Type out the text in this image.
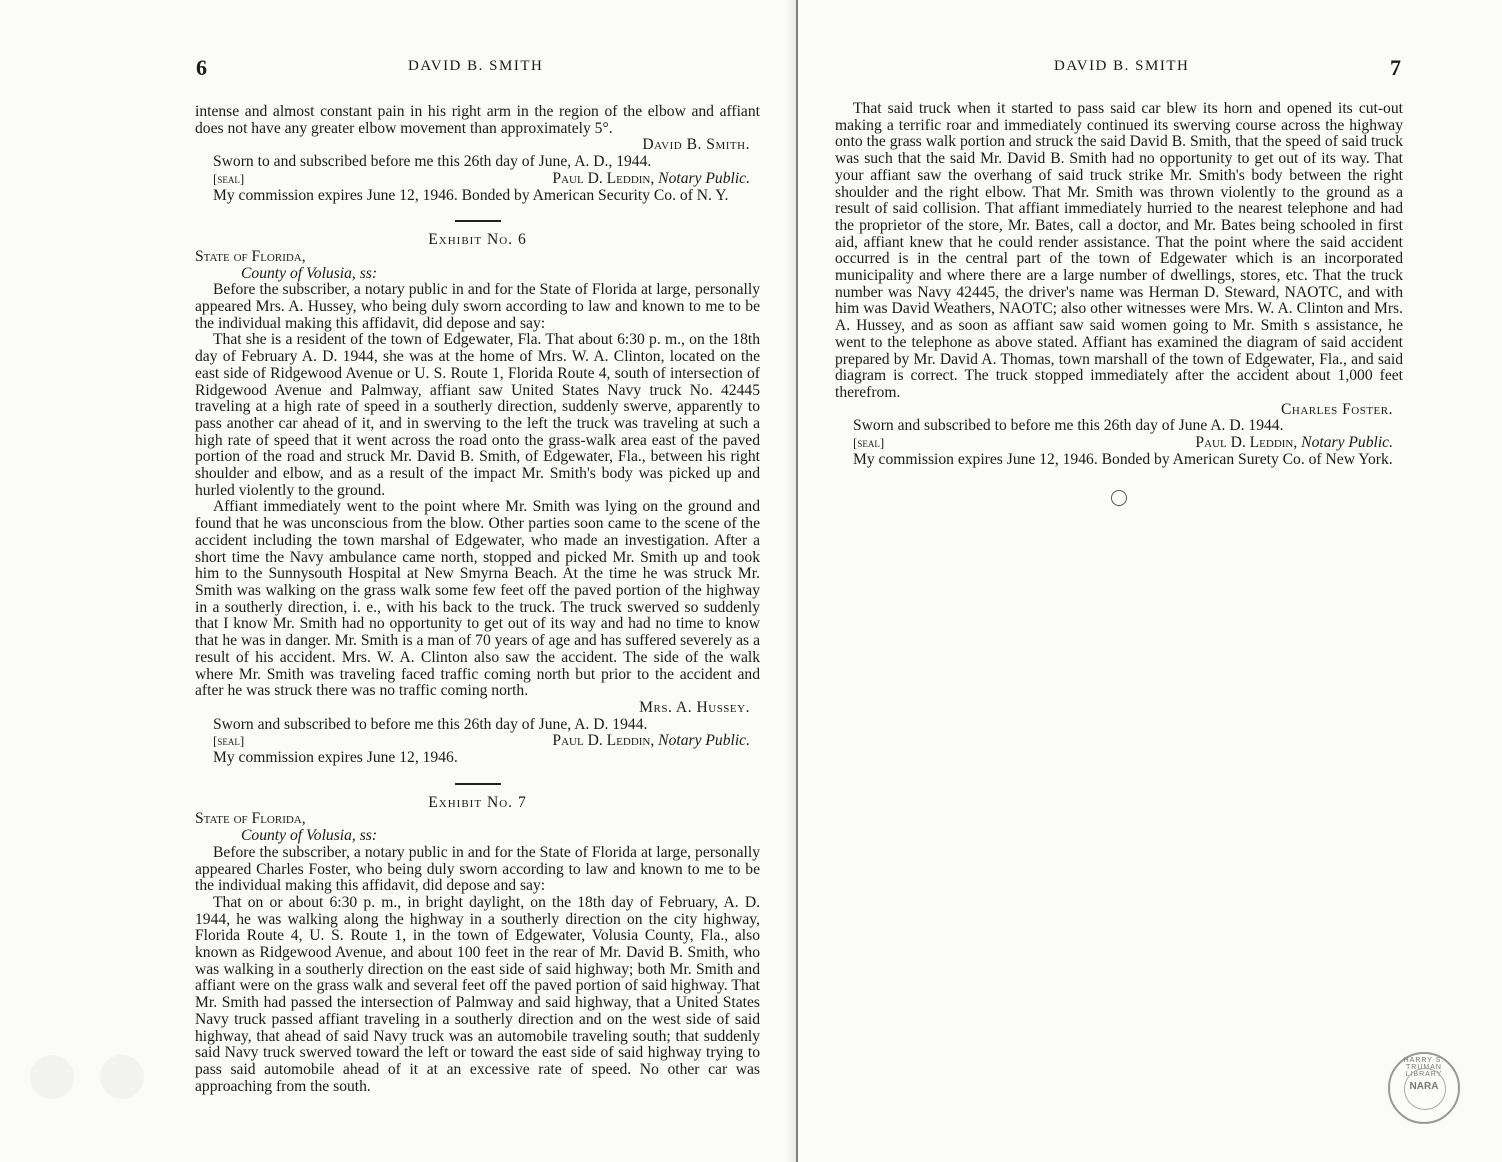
6	DAVID B. SMITH

intense and almost constant pain in his right arm in the region of the elbow and affiant does not have any greater elbow movement than approximately 5°.

David B. Smith.

Sworn to and subscribed before me this 26th day of June, A. D., 1944.

[seal]	Paul D. Leddin, Notary Public.

My commission expires June 12, 1946. Bonded by American Security Co. of N. Y.

Exhibit No. 6

State of Florida,

County of Volusia, ss:

Before the subscriber, a notary public in and for the State of Florida at large, personally appeared Mrs. A. Hussey, who being duly sworn according to law and known to me to be the individual making this affidavit, did depose and say:

That she is a resident of the town of Edgewater, Fla. That about 6:30 p. m., on the 18th day of February A. D. 1944, she was at the home of Mrs. W. A. Clinton, located on the east side of Ridgewood Avenue or U. S. Route 1, Florida Route 4, south of intersection of Ridgewood Avenue and Palmway, affiant saw United States Navy truck No. 42445 traveling at a high rate of speed in a southerly direction, suddenly swerve, apparently to pass another car ahead of it, and in swerving to the left the truck was traveling at such a high rate of speed that it went across the road onto the grass-walk area east of the paved portion of the road and struck Mr. David B. Smith, of Edgewater, Fla., between his right shoulder and elbow, and as a result of the impact Mr. Smith's body was picked up and hurled violently to the ground.

Affiant immediately went to the point where Mr. Smith was lying on the ground and found that he was unconscious from the blow. Other parties soon came to the scene of the accident including the town marshal of Edgewater, who made an investigation. After a short time the Navy ambulance came north, stopped and picked Mr. Smith up and took him to the Sunnysouth Hospital at New Smyrna Beach. At the time he was struck Mr. Smith was walking on the grass walk some few feet off the paved portion of the highway in a southerly direction, i. e., with his back to the truck. The truck swerved so suddenly that I know Mr. Smith had no opportunity to get out of its way and had no time to know that he was in danger. Mr. Smith is a man of 70 years of age and has suffered severely as a result of his accident. Mrs. W. A. Clinton also saw the accident. The side of the walk where Mr. Smith was traveling faced traffic coming north but prior to the accident and after he was struck there was no traffic coming north.

Mrs. A. Hussey.

Sworn and subscribed to before me this 26th day of June, A. D. 1944.

[seal]	Paul D. Leddin, Notary Public.

My commission expires June 12, 1946.

Exhibit No. 7

State of Florida,

County of Volusia, ss:

Before the subscriber, a notary public in and for the State of Florida at large, personally appeared Charles Foster, who being duly sworn according to law and known to me to be the individual making this affidavit, did depose and say:

That on or about 6:30 p. m., in bright daylight, on the 18th day of February, A. D. 1944, he was walking along the highway in a southerly direction on the city highway, Florida Route 4, U. S. Route 1, in the town of Edgewater, Volusia County, Fla., also known as Ridgewood Avenue, and about 100 feet in the rear of Mr. David B. Smith, who was walking in a southerly direction on the east side of said highway; both Mr. Smith and affiant were on the grass walk and several feet off the paved portion of said highway. That Mr. Smith had passed the intersection of Palmway and said highway, that a United States Navy truck passed affiant traveling in a southerly direction and on the west side of said highway, that ahead of said Navy truck was an automobile traveling south; that suddenly said Navy truck swerved toward the left or toward the east side of said highway trying to pass said automobile ahead of it at an excessive rate of speed. No other car was approaching from the south.

DAVID B. SMITH	7

That said truck when it started to pass said car blew its horn and opened its cut-out making a terrific roar and immediately continued its swerving course across the highway onto the grass walk portion and struck the said David B. Smith, that the speed of said truck was such that the said Mr. David B. Smith had no opportunity to get out of its way. That your affiant saw the overhang of said truck strike Mr. Smith's body between the right shoulder and the right elbow. That Mr. Smith was thrown violently to the ground as a result of said collision. That affiant immediately hurried to the nearest telephone and had the proprietor of the store, Mr. Bates, call a doctor, and Mr. Bates being schooled in first aid, affiant knew that he could render assistance. That the point where the said accident occurred is in the central part of the town of Edgewater which is an incorporated municipality and where there are a large number of dwellings, stores, etc. That the truck number was Navy 42445, the driver's name was Herman D. Steward, NAOTC, and with him was David Weathers, NAOTC; also other witnesses were Mrs. W. A. Clinton and Mrs. A. Hussey, and as soon as affiant saw said women going to Mr. Smith s assistance, he went to the telephone as above stated. Affiant has examined the diagram of said accident prepared by Mr. David A. Thomas, town marshall of the town of Edgewater, Fla., and said diagram is correct. The truck stopped immediately after the accident about 1,000 feet therefrom.

Charles Foster.

Sworn and subscribed to before me this 26th day of June A. D. 1944.

[seal]	Paul D. Leddin, Notary Public.

My commission expires June 12, 1946. Bonded by American Surety Co. of New York.

HARRY S. TRUMAN LIBRARY
NARA
